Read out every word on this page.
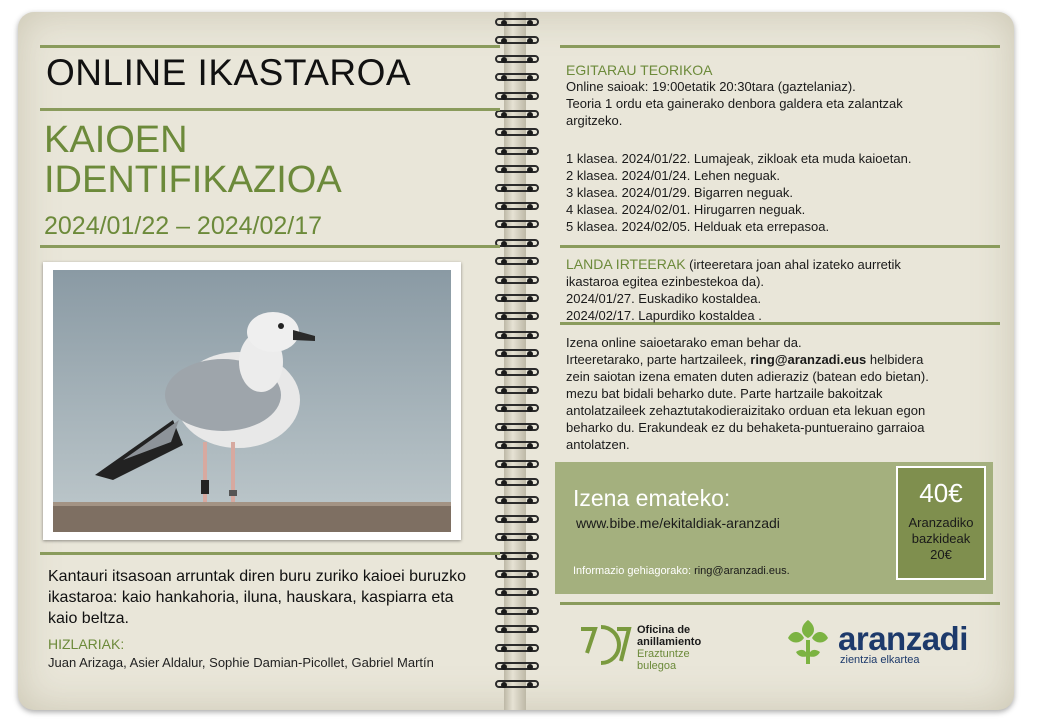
ONLINE IKASTAROA
KAIOEN
IDENTIFIKAZIOA
2024/01/22 – 2024/02/17
Kantauri itsasoan arruntak diren buru zuriko kaioei buruzko ikastaroa: kaio hankahoria, iluna, hauskara, kaspiarra eta kaio beltza.
HIZLARIAK:
Juan Arizaga, Asier Aldalur, Sophie Damian-Picollet, Gabriel Martín
EGITARAU TEORIKOA
Online saioak: 19:00etatik 20:30tara (gaztelaniaz).
Teoria 1 ordu eta gainerako denbora galdera eta zalantzak
argitzeko.
1 klasea. 2024/01/22. Lumajeak, zikloak eta muda kaioetan.
2 klasea. 2024/01/24. Lehen neguak.
3 klasea. 2024/01/29. Bigarren neguak.
4 klasea. 2024/02/01. Hirugarren neguak.
5 klasea. 2024/02/05. Helduak eta errepasoa.
LANDA IRTEERAK (irteeretara joan ahal izateko aurretik
ikastaroa egitea ezinbestekoa da).
2024/01/27. Euskadiko kostaldea.
2024/02/17. Lapurdiko kostaldea .
Izena online saioetarako eman behar da.
Irteeretarako, parte hartzaileek, ring@aranzadi.eus helbidera
zein saiotan izena ematen duten adieraziz (batean edo bietan).
mezu bat bidali beharko dute. Parte hartzaile bakoitzak
antolatzaileek zehaztutakodieraizitako orduan eta lekuan egon
beharko du. Erakundeak ez du behaketa-puntueraino garraioa
antolatzen.
Izena emateko:
www.bibe.me/ekitaldiak-aranzadi
Informazio gehiagorako: ring@aranzadi.eus.
40€
Aranzadiko
bazkideak
20€
Oficina de
anillamiento
Eraztuntze
bulegoa
aranzadi
zientzia elkartea
